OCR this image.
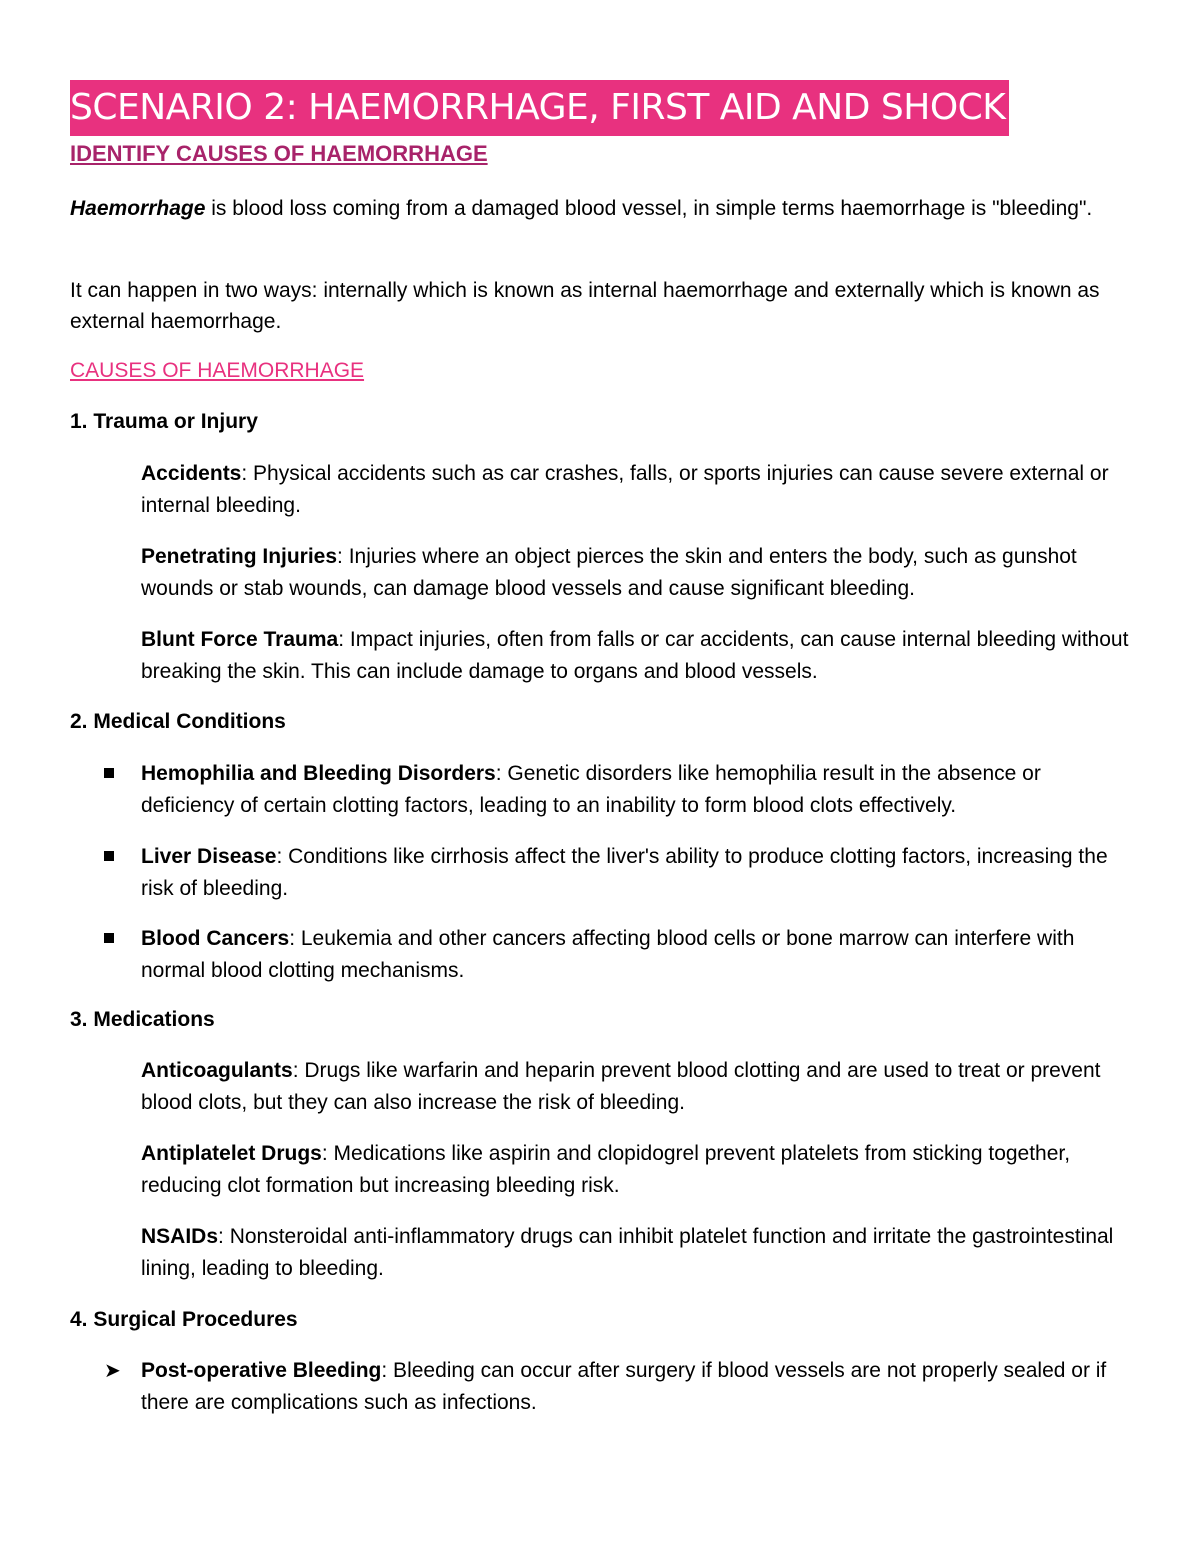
SCENARIO 2: HAEMORRHAGE, FIRST AID AND SHOCK
IDENTIFY CAUSES OF HAEMORRHAGE
Haemorrhage is blood loss coming from a damaged blood vessel, in simple terms haemorrhage is "bleeding".
It can happen in two ways: internally which is known as internal haemorrhage and externally which is known as external haemorrhage.
CAUSES OF HAEMORRHAGE
1. Trauma or Injury
Accidents: Physical accidents such as car crashes, falls, or sports injuries can cause severe external or internal bleeding.
Penetrating Injuries: Injuries where an object pierces the skin and enters the body, such as gunshot wounds or stab wounds, can damage blood vessels and cause significant bleeding.
Blunt Force Trauma: Impact injuries, often from falls or car accidents, can cause internal bleeding without breaking the skin. This can include damage to organs and blood vessels.
2. Medical Conditions
Hemophilia and Bleeding Disorders: Genetic disorders like hemophilia result in the absence or deficiency of certain clotting factors, leading to an inability to form blood clots effectively.
Liver Disease: Conditions like cirrhosis affect the liver's ability to produce clotting factors, increasing the risk of bleeding.
Blood Cancers: Leukemia and other cancers affecting blood cells or bone marrow can interfere with normal blood clotting mechanisms.
3. Medications
Anticoagulants: Drugs like warfarin and heparin prevent blood clotting and are used to treat or prevent blood clots, but they can also increase the risk of bleeding.
Antiplatelet Drugs: Medications like aspirin and clopidogrel prevent platelets from sticking together, reducing clot formation but increasing bleeding risk.
NSAIDs: Nonsteroidal anti-inflammatory drugs can inhibit platelet function and irritate the gastrointestinal lining, leading to bleeding.
4. Surgical Procedures
➤ Post-operative Bleeding: Bleeding can occur after surgery if blood vessels are not properly sealed or if there are complications such as infections.
